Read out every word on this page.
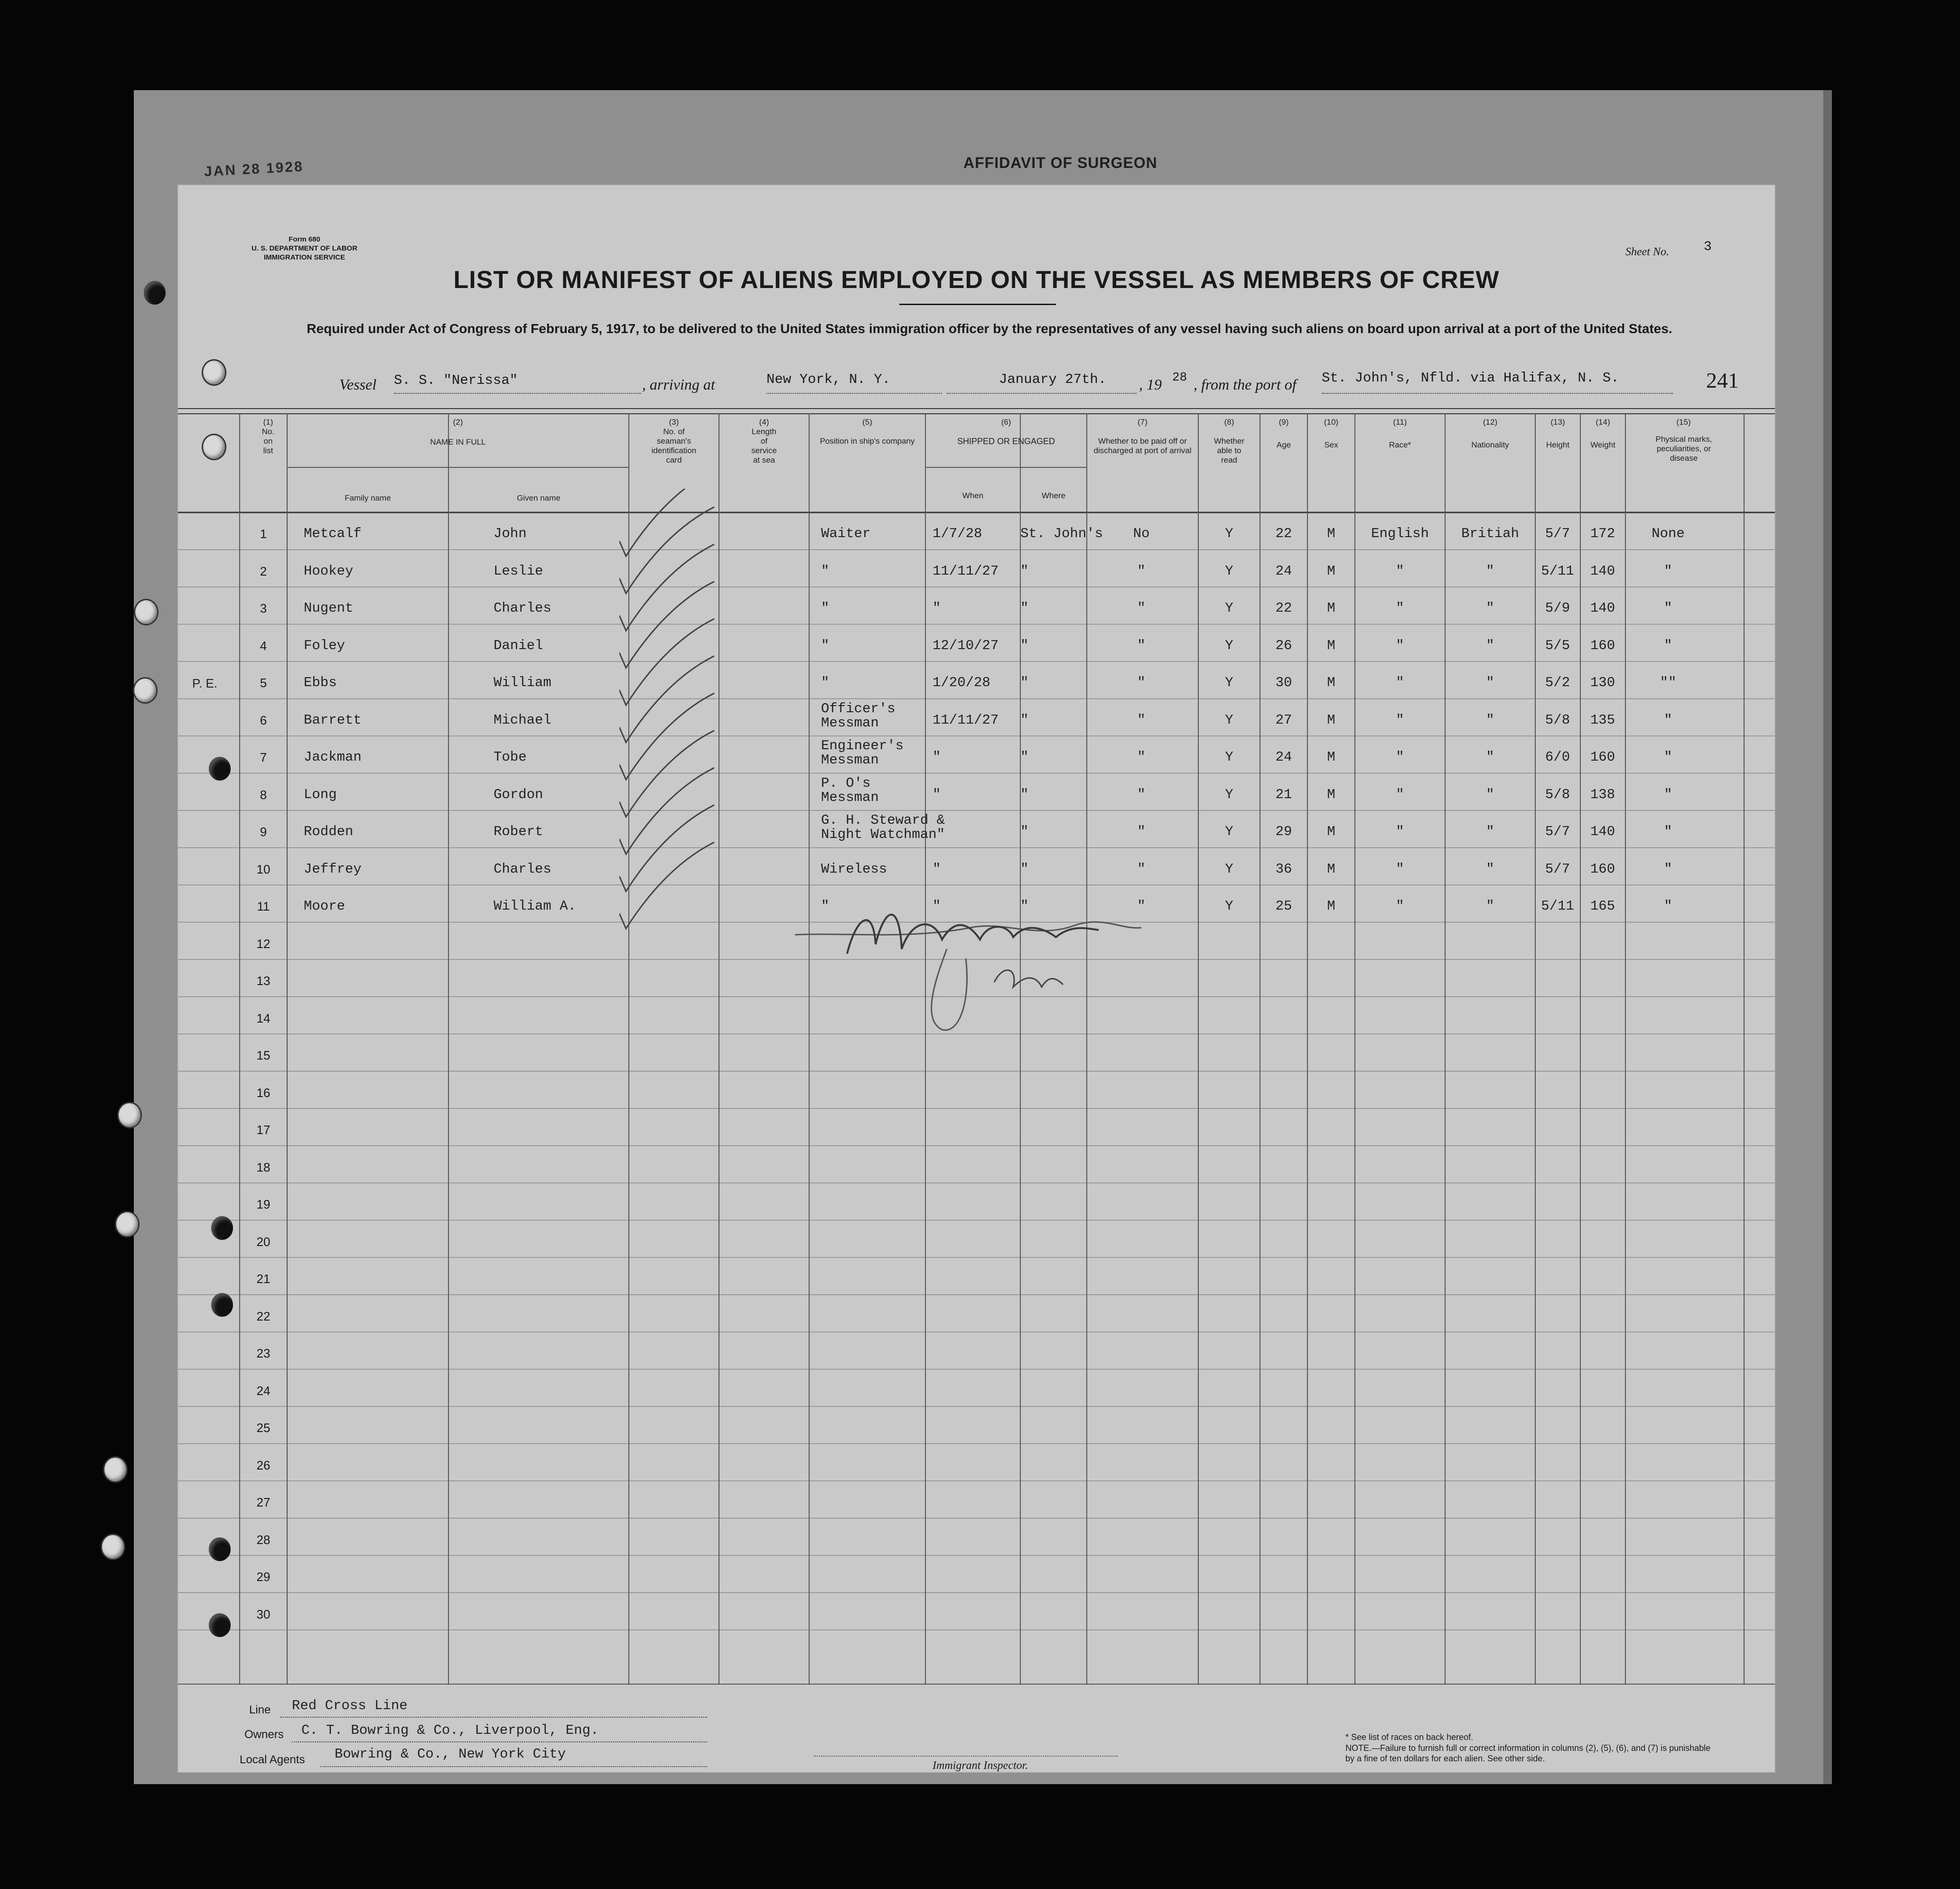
AFFIDAVIT OF SURGEON
JAN 28 1928
Form 680
U. S. DEPARTMENT OF LABOR
IMMIGRATION SERVICE	Sheet No.	3
LIST OR MANIFEST OF ALIENS EMPLOYED ON THE VESSEL AS MEMBERS OF CREW
Required under Act of Congress of February 5, 1917, to be delivered to the United States immigration officer by the representatives of any vessel having such aliens on board upon arrival at a port of the United States.
Vessel S. S. "Nerissa"	, arriving at	New York, N. Y.	January 27th. , 19 28 , from the port of St. John's, Nfld. via Halifax, N. S.	241
(1)
No. on list
(2)
NAME IN FULL
Family name	Given name
(3)
No. of seaman's identification card
(4)
Length of service at sea
(5)
Position in ship's company
(6)
SHIPPED OR ENGAGED
When	Where
(7)
Whether to be paid off or discharged at port of arrival
(8)
Whether able to read
(9)
Age
(10)
Sex
(11)
Race*
(12)
Nationality
(13)
Height
(14)
Weight
(15)
Physical marks, peculiarities, or disease
1
2
3
4
5
6
7
8
9
10
11
12
13
14
15
16
17
18
19
20
21
22
23
24
25
26
27
28
29
30
Metcalf	John	Waiter	1/7/28	St. John's No	Y	22	M	English Britiah 5/7 172	None
Hookey	Leslie	"	11/11/27 "	"	Y	24	M	"	"	5/11 140	"
Nugent	Charles	"	"	"	"	Y	22	M	"	"	5/9 140	"
Foley	Daniel	"	12/10/27 "	"	Y	26	M	"	"	5/5 160	"
Ebbs	William	"	1/20/28 "	"	Y	30	M	"	"	5/2 130	""
Barrett	Michael
Officer's Messman	11/11/27 "	"	Y	27	M	"	"	5/8 135	"
Jackman	Tobe
Engineer's Messman	"	"	"	Y	24	M	"	"	6/0 160	"
Long	Gordon
P. O's Messman	"	"	"	Y	21	M	"	"	5/8 138	"
Rodden	Robert
G. H. Steward & Night Watchman"	"	"	Y	29	M	"	"	5/7 140	"
Jeffrey	Charles	Wireless	"	"	"	Y	36	M	"	"	5/7 160	"
Moore	William A.	"	"	"	"	Y	25	M	"	"	5/11 165	"
P. E.
Line Red Cross Line
Owners C. T. Bowring & Co., Liverpool, Eng.
Local Agents Bowring & Co., New York City
Immigrant Inspector.
* See list of races on back hereof.
NOTE.—Failure to furnish full or correct information in columns (2), (5), (6), and (7) is punishable by a fine of ten dollars for each alien. See other side.
